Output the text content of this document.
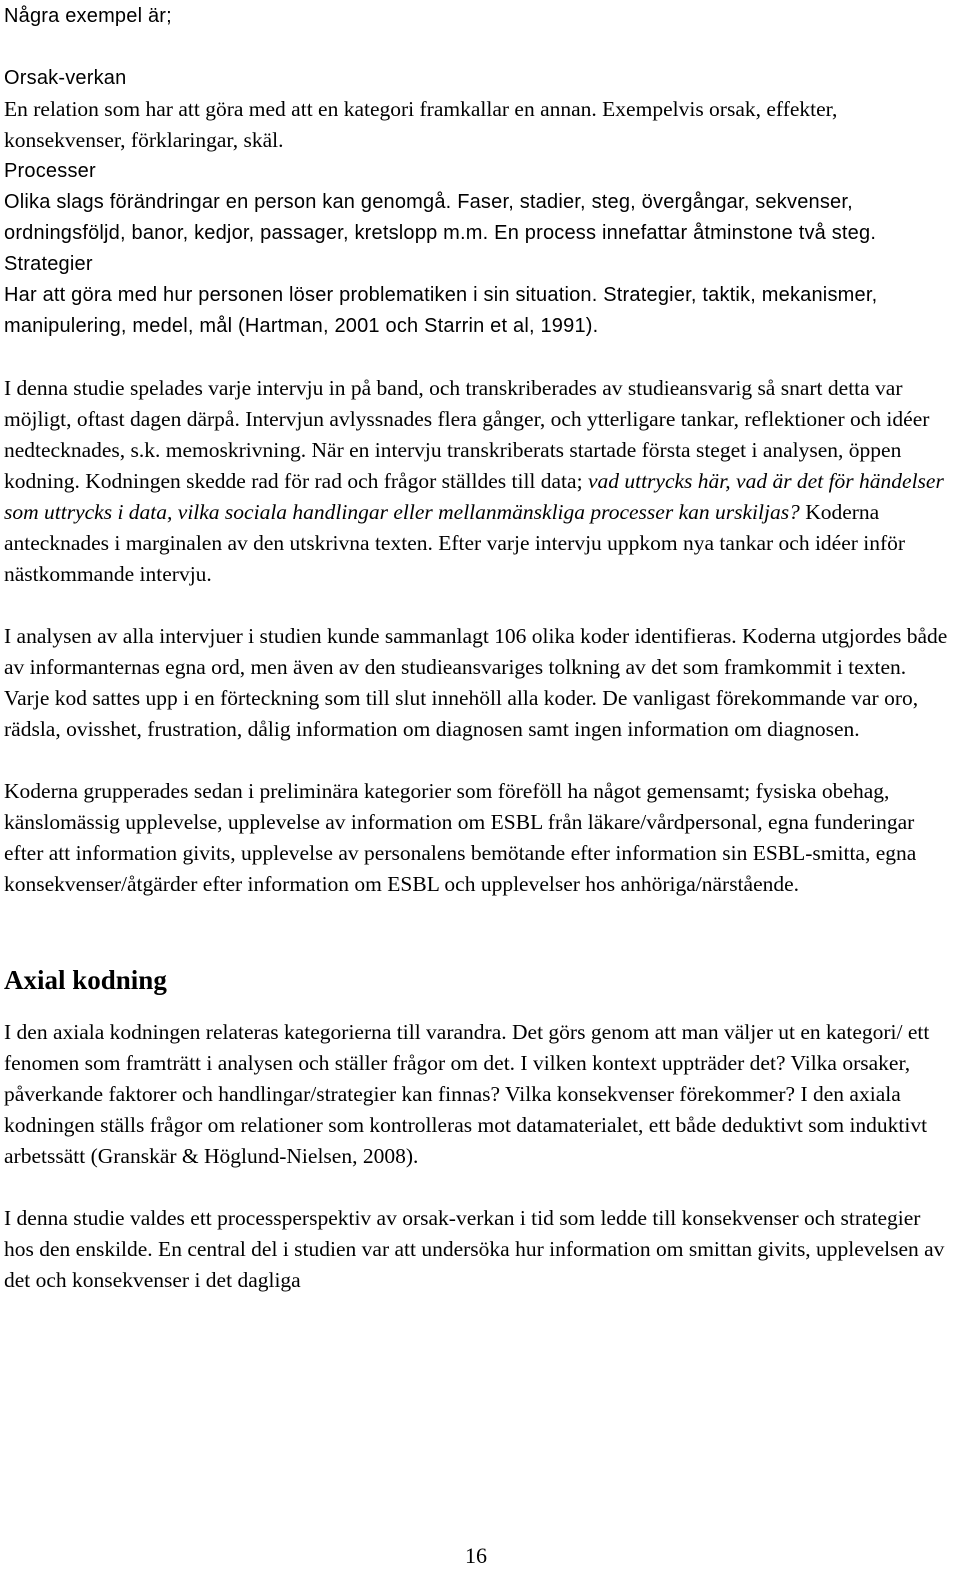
Några exempel är;

Orsak-verkan

En relation som har att göra med att en kategori framkallar en annan. Exempelvis orsak, effekter, konsekvenser, förklaringar, skäl.

Processer

Olika slags förändringar en person kan genomgå. Faser, stadier, steg, övergångar, sekvenser, ordningsföljd, banor, kedjor, passager, kretslopp m.m. En process innefattar åtminstone två steg.

Strategier

Har att göra med hur personen löser problematiken i sin situation. Strategier, taktik, mekanismer, manipulering, medel, mål (Hartman, 2001 och Starrin et al, 1991).

I denna studie spelades varje intervju in på band, och transkriberades av studieansvarig så snart detta var möjligt, oftast dagen därpå. Intervjun avlyssnades flera gånger, och ytterligare tankar, reflektioner och idéer nedtecknades, s.k. memoskrivning. När en intervju transkriberats startade första steget i analysen, öppen kodning. Kodningen skedde rad för rad och frågor ställdes till data; vad uttrycks här, vad är det för händelser som uttrycks i data, vilka sociala handlingar eller mellanmänskliga processer kan urskiljas? Koderna antecknades i marginalen av den utskrivna texten. Efter varje intervju uppkom nya tankar och idéer inför nästkommande intervju.

I analysen av alla intervjuer i studien kunde sammanlagt 106 olika koder identifieras. Koderna utgjordes både av informanternas egna ord, men även av den studieansvariges tolkning av det som framkommit i texten. Varje kod sattes upp i en förteckning som till slut innehöll alla koder. De vanligast förekommande var oro, rädsla, ovisshet, frustration, dålig information om diagnosen samt ingen information om diagnosen.

Koderna grupperades sedan i preliminära kategorier som föreföll ha något gemensamt; fysiska obehag, känslomässig upplevelse, upplevelse av information om ESBL från läkare/vårdpersonal, egna funderingar efter att information givits, upplevelse av personalens bemötande efter information sin ESBL-smitta, egna konsekvenser/åtgärder efter information om ESBL och upplevelser hos anhöriga/närstående.

Axial kodning

I den axiala kodningen relateras kategorierna till varandra. Det görs genom att man väljer ut en kategori/ ett fenomen som framträtt i analysen och ställer frågor om det. I vilken kontext uppträder det? Vilka orsaker, påverkande faktorer och handlingar/strategier kan finnas? Vilka konsekvenser förekommer? I den axiala kodningen ställs frågor om relationer som kontrolleras mot datamaterialet, ett både deduktivt som induktivt arbetssätt (Granskär & Höglund-Nielsen, 2008).

I denna studie valdes ett processperspektiv av orsak-verkan i tid som ledde till konsekvenser och strategier hos den enskilde. En central del i studien var att undersöka hur information om smittan givits, upplevelsen av det och konsekvenser i det dagliga

16
